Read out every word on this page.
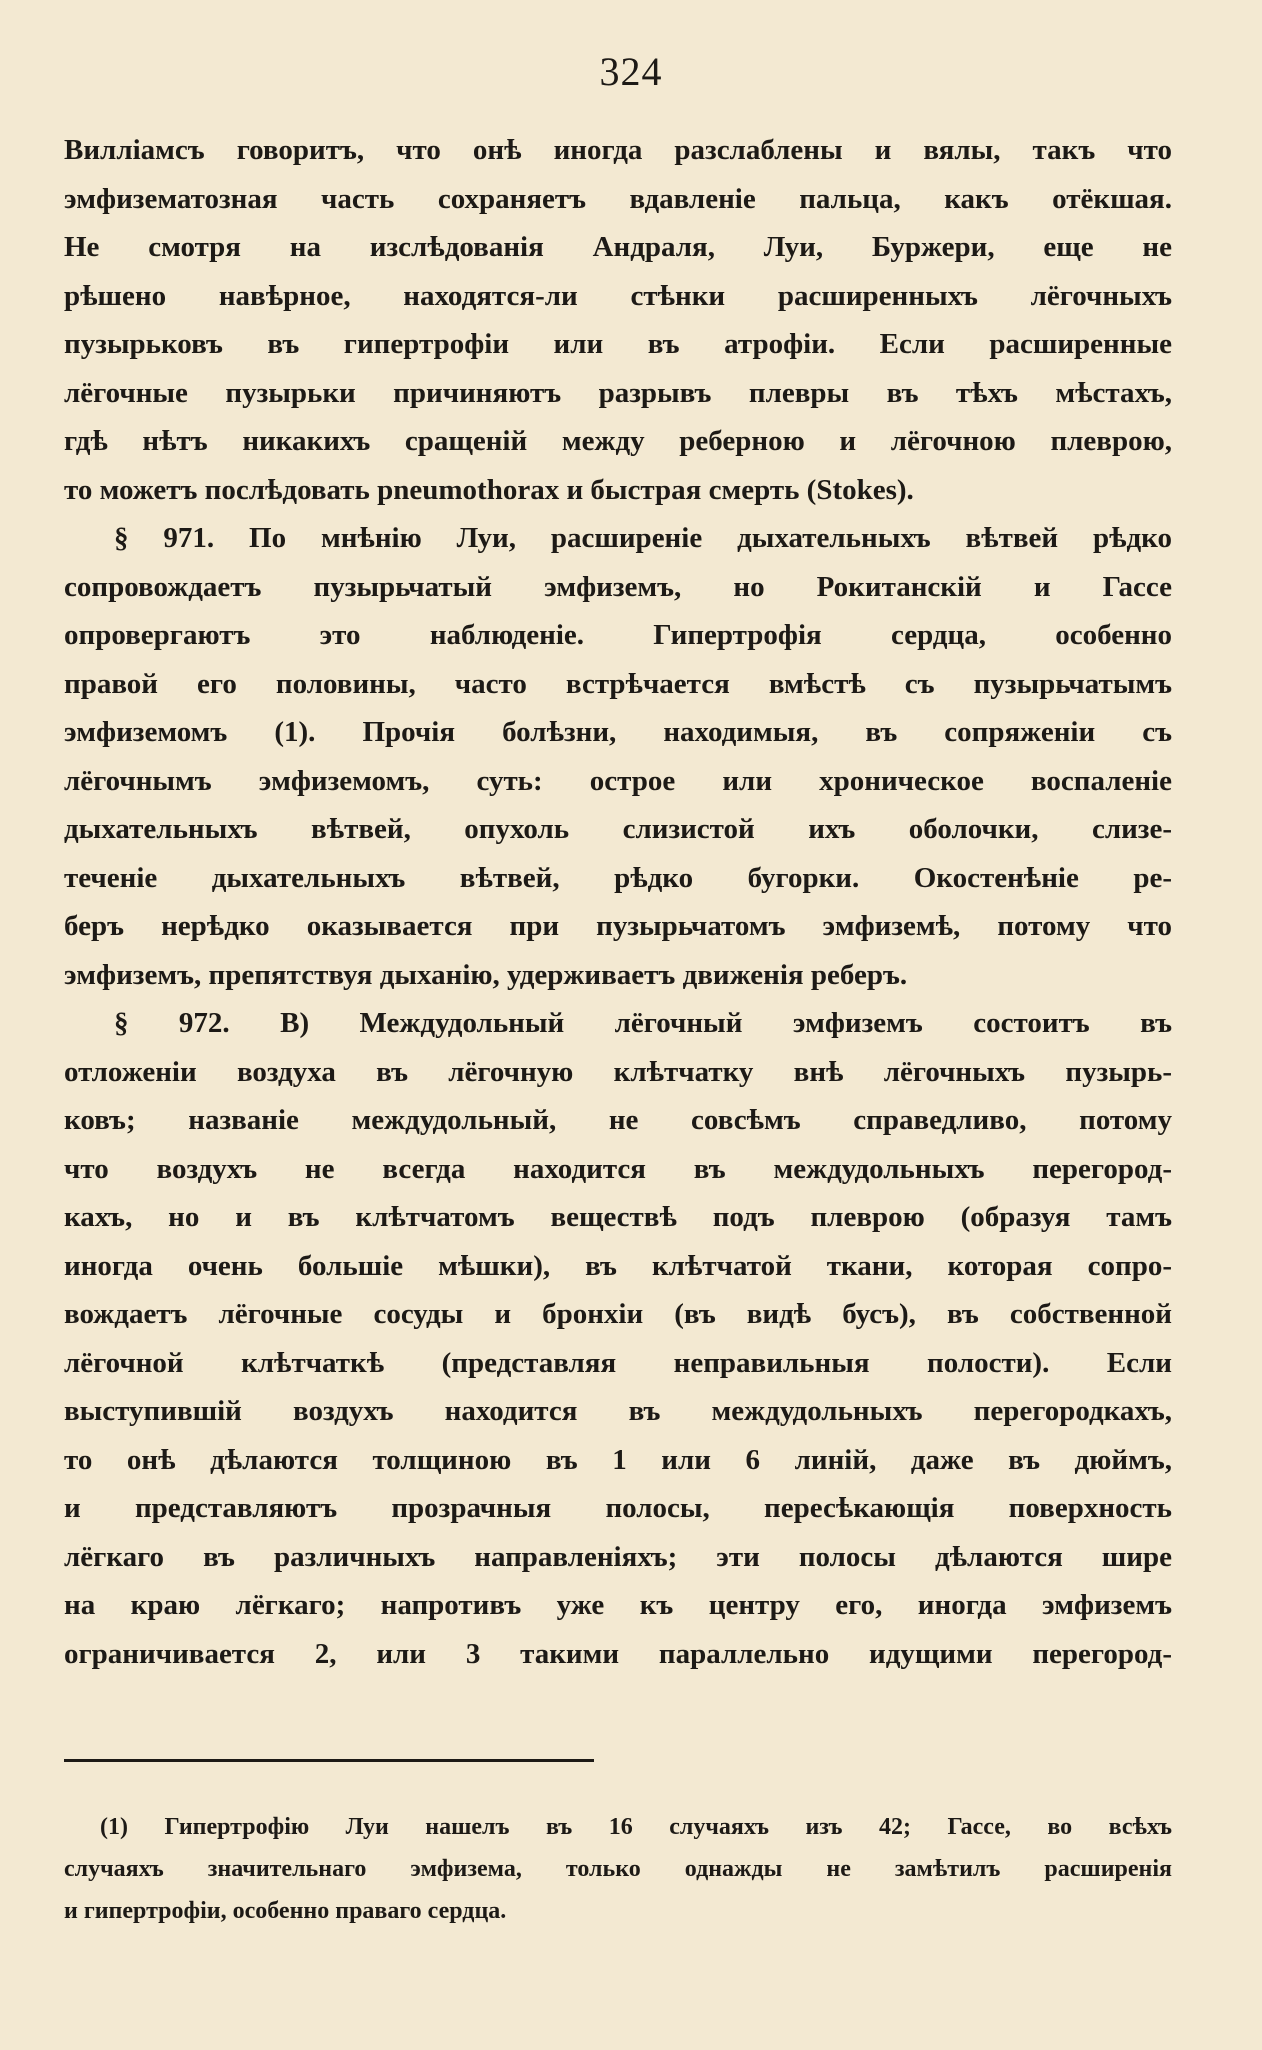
324
Вилліамсъ говоритъ, что онѣ иногда разслаблены и вялы, такъ что
эмфизематозная часть сохраняетъ вдавленіе пальца, какъ отёкшая.
Не смотря на изслѣдованія Андраля, Луи, Бурж​ери, еще не
рѣшено навѣрное, находятся-ли стѣнки расширенныхъ лёгочныхъ
пузырьковъ въ гипертрофіи или въ атрофіи. Если расширенные
лёгочные пузырьки причиняютъ разрывъ плевры въ тѣхъ мѣстахъ,
гдѣ нѣтъ никакихъ сращеній между реберною и лёгочною плеврою,
то можетъ послѣдовать pneumothorax и быстрая смерть (Stokes).
§ 971. По мнѣнію Луи, расширеніе дыхательныхъ вѣтвей рѣдко
сопровождаетъ пузырьчатый эмфиземъ, но Рокитанскій и Гассе
опровергаютъ это наблюденіе. Гипертрофія сердца, особенно
правой его половины, часто встрѣчается вмѣстѣ съ пузырьчатымъ
эмфиземомъ (1). Прочія болѣзни, находимыя, въ сопряженіи съ
лёгочнымъ эмфиземомъ, суть: острое или хроническое воспаленіе
дыхательныхъ вѣтвей, опухоль слизистой ихъ оболочки, слизе-
теченіе дыхательныхъ вѣтвей, рѣдко бугорки. Окостенѣніе ре-
беръ нерѣдко оказывается при пузырьчатомъ эмфиземѣ, потому что
эмфиземъ, препятствуя дыханію, удерживаетъ движенія реберъ.
§ 972. B) Междудольный лёгочный эмфиземъ состоитъ въ
отложеніи воздуха въ лёгочную клѣтчатку внѣ лёгочныхъ пузырь-
ковъ; названіе междудольный, не совсѣмъ справедливо, потому
что воздухъ не всегда находится въ междудольныхъ перегород-
кахъ, но и въ клѣтчатомъ веществѣ подъ плеврою (образуя тамъ
иногда очень большіе мѣшки), въ клѣтчатой ткани, которая сопро-
вождаетъ лёгочные сосуды и бронхіи (въ видѣ бусъ), въ собственной
лёгочной клѣтчаткѣ (представляя неправильныя полости). Если
выступившій воздухъ находится въ междудольныхъ перегородкахъ,
то онѣ дѣлаются толщиною въ 1 или 6 линій, даже въ дюймъ,
и представляютъ прозрачныя полосы, пересѣкающія поверхность
лёгкаго въ различныхъ направленіяхъ; эти полосы дѣлаются шире
на краю лёгкаго; напротивъ уже къ центру его, иногда эмфиземъ
ограничивается 2, или 3 такими параллельно идущими перегород-
(1) Гипертрофію Луи нашелъ въ 16 случаяхъ изъ 42; Гассе, во всѣхъ
случаяхъ значительнаго эмфизема, только однажды не замѣтилъ расширенія
и гипертрофіи, особенно праваго сердца.
